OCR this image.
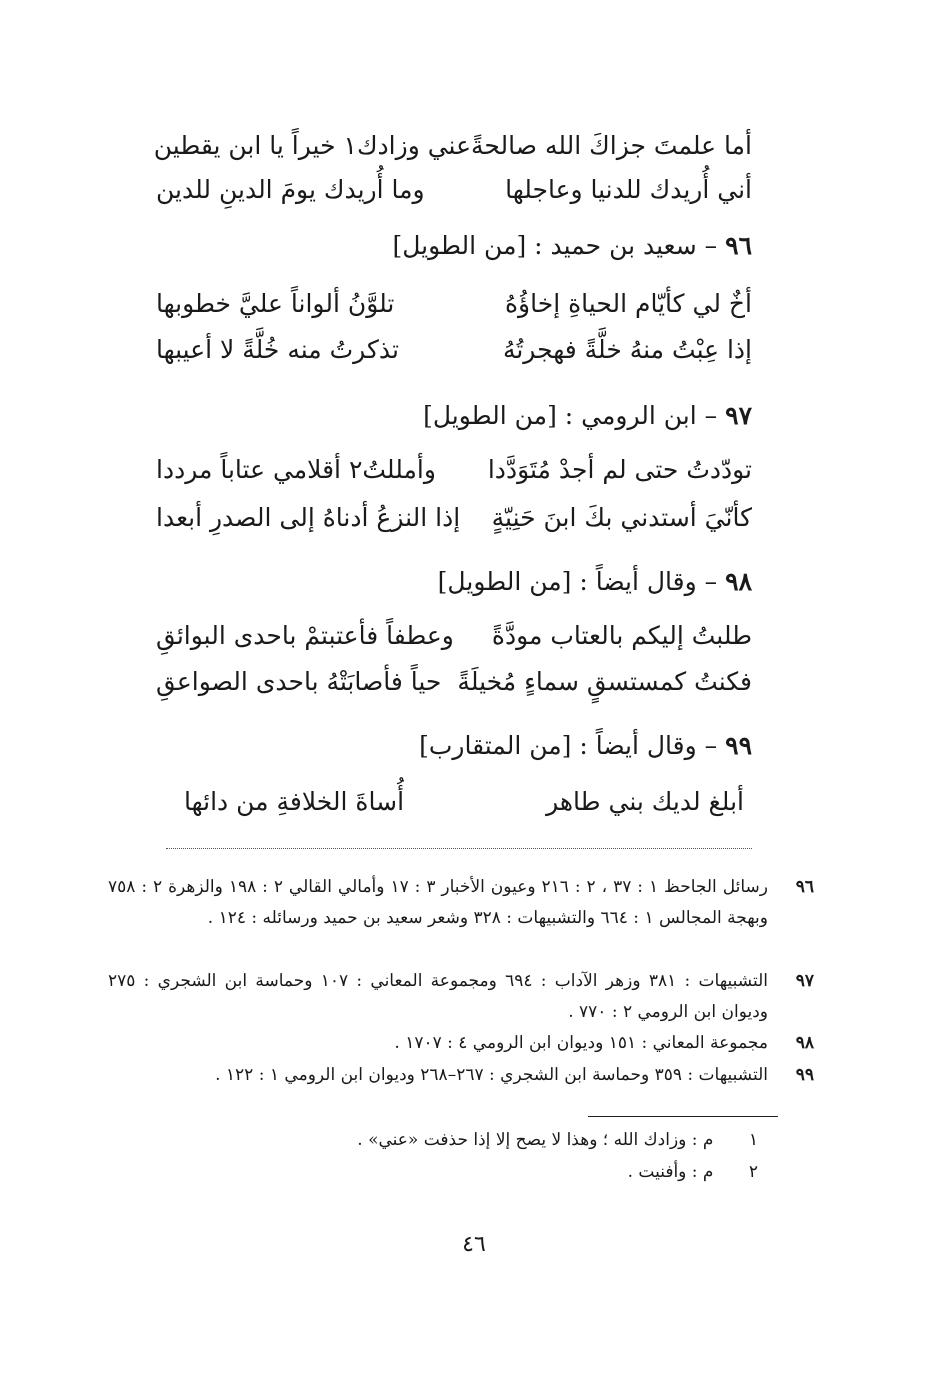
أما علمتَ جزاكَ الله صالحةً
عني وزادك١ خيراً يا ابن يقطين
أني أُريدك للدنيا وعاجلها
وما أُريدك يومَ الدينِ للدين
٩٦
– سعيد بن حميد : [من الطويل]
أخٌ لي كأيّام الحياةِ إخاؤُهُ
تلوَّنُ ألواناً عليَّ خطوبها
إذا عِبْتُ منهُ خلَّةً فهجرتُهُ
تذكرتُ منه خُلَّةً لا أعيبها
٩٧
– ابن الرومي : [من الطويل]
تودّدتُ حتى لم أجدْ مُتَوَدَّدا
وأمللتُ٢ أقلامي عتاباً مرددا
كأنّيَ أستدني بكَ ابنَ حَنِيّةٍ
إذا النزعُ أدناهُ إلى الصدرِ أبعدا
٩٨
– وقال أيضاً : [من الطويل]
طلبتُ إليكم بالعتاب مودَّةً
وعطفاً فأعتبتمْ باحدى البوائقِ
فكنتُ كمستسقٍ سماءٍ مُخيلَةً
حياً فأصابَتْهُ باحدى الصواعقِ
٩٩
– وقال أيضاً : [من المتقارب]
أبلغ لديك بني طاهر
أُساةَ الخلافةِ من دائها
٩٦
رسائل الجاحظ ١ : ٣٧ ، ٢ : ٢١٦ وعيون الأخبار ٣ : ١٧ وأمالي القالي ٢ : ١٩٨ والزهرة ٢ : ٧٥٨ وبهجة المجالس ١ : ٦٦٤ والتشبيهات : ٣٢٨ وشعر سعيد بن حميد ورسائله : ١٢٤ .
٩٧
التشبيهات : ٣٨١ وزهر الآداب : ٦٩٤ ومجموعة المعاني : ١٠٧ وحماسة ابن الشجري : ٢٧٥ وديوان ابن الرومي ٢ : ٧٧٠ .
٩٨
مجموعة المعاني : ١٥١ وديوان ابن الرومي ٤ : ١٧٠٧ .
٩٩
التشبيهات : ٣٥٩ وحماسة ابن الشجري : ٢٦٧–٢٦٨ وديوان ابن الرومي ١ : ١٢٢ .
١ م : وزادك الله ؛ وهذا لا يصح إلا إذا حذفت «عني» .
٢ م : وأفنيت .
٤٦
